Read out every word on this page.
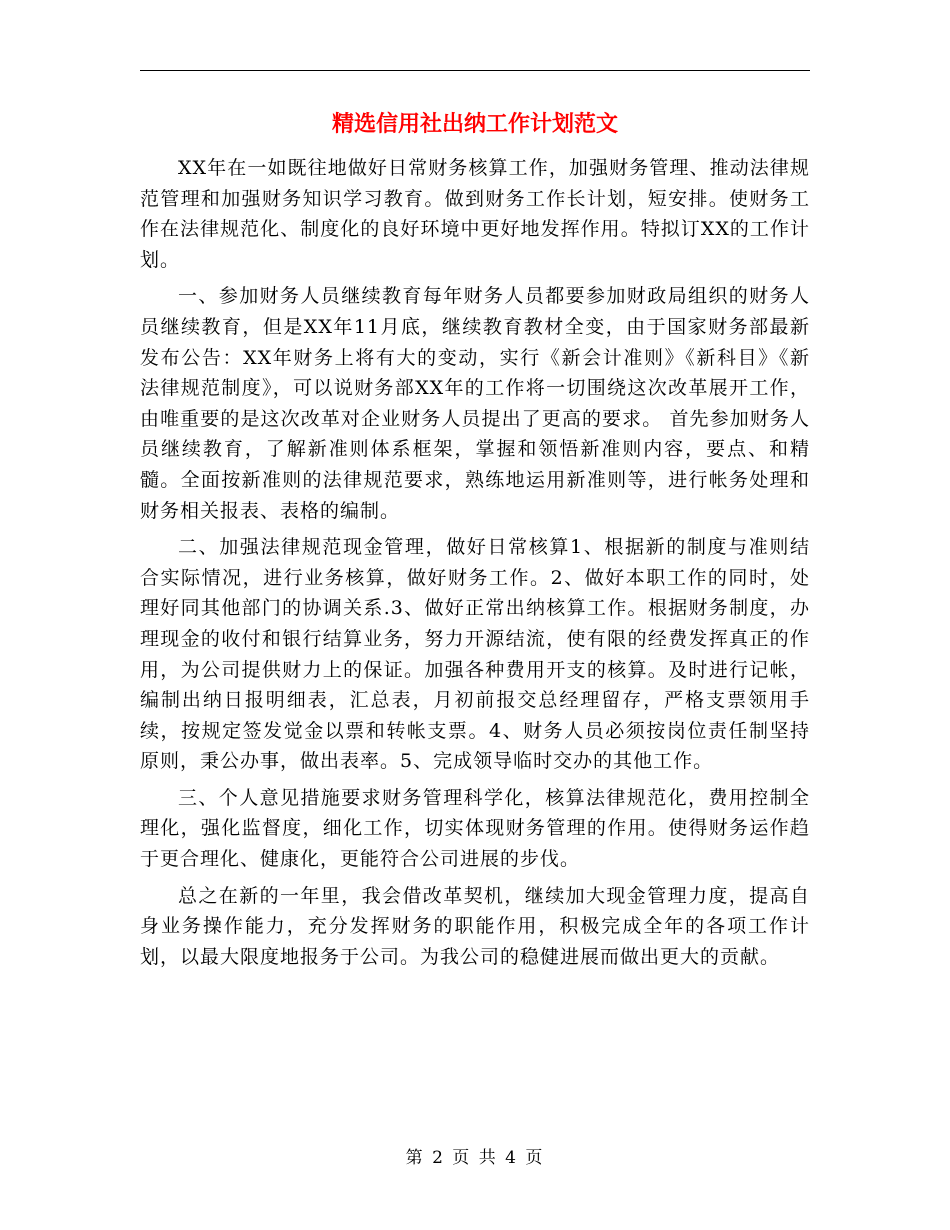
精选信用社出纳工作计划范文

XX年在一如既往地做好日常财务核算工作，加强财务管理、推动法律规范管理和加强财务知识学习教育。做到财务工作长计划，短安排。使财务工作在法律规范化、制度化的良好环境中更好地发挥作用。特拟订XX的工作计划。

一、参加财务人员继续教育每年财务人员都要参加财政局组织的财务人员继续教育，但是XX年11月底，继续教育教材全变，由于国家财务部最新发布公告：XX年财务上将有大的变动，实行《新会计准则》《新科目》《新法律规范制度》，可以说财务部XX年的工作将一切围绕这次改革展开工作，由唯重要的是这次改革对企业财务人员提出了更高的要求。 首先参加财务人员继续教育，了解新准则体系框架，掌握和领悟新准则内容，要点、和精髓。全面按新准则的法律规范要求，熟练地运用新准则等，进行帐务处理和财务相关报表、表格的编制。

二、加强法律规范现金管理，做好日常核算1、根据新的制度与准则结合实际情况，进行业务核算，做好财务工作。2、做好本职工作的同时，处理好同其他部门的协调关系.3、做好正常出纳核算工作。根据财务制度，办理现金的收付和银行结算业务，努力开源结流，使有限的经费发挥真正的作用，为公司提供财力上的保证。加强各种费用开支的核算。及时进行记帐，编制出纳日报明细表，汇总表，月初前报交总经理留存，严格支票领用手续，按规定签发觉金以票和转帐支票。4、财务人员必须按岗位责任制坚持原则，秉公办事，做出表率。5、完成领导临时交办的其他工作。

三、个人意见措施要求财务管理科学化，核算法律规范化，费用控制全理化，强化监督度，细化工作，切实体现财务管理的作用。使得财务运作趋于更合理化、健康化，更能符合公司进展的步伐。

总之在新的一年里，我会借改革契机，继续加大现金管理力度，提高自身业务操作能力，充分发挥财务的职能作用，积极完成全年的各项工作计划，以最大限度地报务于公司。为我公司的稳健进展而做出更大的贡献。

第 2 页 共 4 页
